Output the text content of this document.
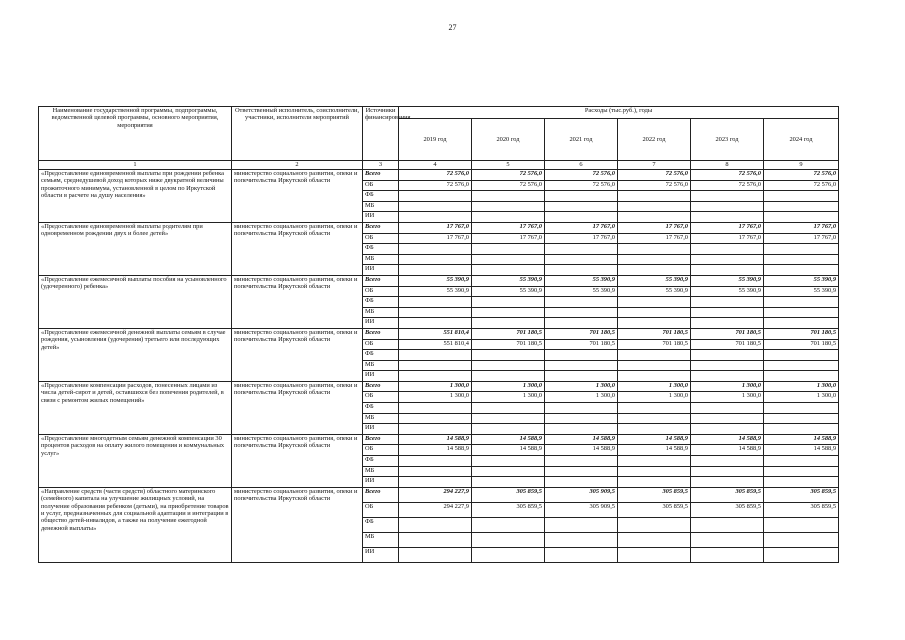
27
Наименование государственной программы, подпрограммы, ведомственной целевой программы, основного мероприятия, мероприятия	Ответственный исполнитель, соисполнители, участники, исполнители мероприятий	Источники финансирования	Расходы (тыс.руб.), годы					
			2019 год	2020 год	2021 год	2022 год	2023 год	2024 год
1	2	3	4	5	6	7	8	9
«Предоставление единовременной выплаты при рождении ребенка семьям, среднедушевой доход которых ниже двукратной величины прожиточного минимума, установленной в целом по Иркутской области в расчете на душу населения»	министерство социального развития, опеки и попечительства Иркутской области	Всего	72 576,0	72 576,0	72 576,0	72 576,0	72 576,0	72 576,0
		ОБ	72 576,0	72 576,0	72 576,0	72 576,0	72 576,0	72 576,0
		ФБ						
		МБ						
		ИИ						
«Предоставление единовременной выплаты родителям при одновременном рождении двух и более детей»	министерство социального развития, опеки и попечительства Иркутской области	Всего	17 767,0	17 767,0	17 767,0	17 767,0	17 767,0	17 767,0
		ОБ	17 767,0	17 767,0	17 767,0	17 767,0	17 767,0	17 767,0
		ФБ						
		МБ						
		ИИ						
«Предоставление ежемесячной выплаты пособия на усыновленного (удочеренного) ребенка»	министерство социального развития, опеки и попечительства Иркутской области	Всего	55 390,9	55 390,9	55 390,9	55 390,9	55 390,9	55 390,9
		ОБ	55 390,9	55 390,9	55 390,9	55 390,9	55 390,9	55 390,9
		ФБ						
		МБ						
		ИИ						
«Предоставление ежемесячной денежной выплаты семьям в случае рождения, усыновления (удочерения) третьего или последующих детей»	министерство социального развития, опеки и попечительства Иркутской области	Всего	551 810,4	701 180,5	701 180,5	701 180,5	701 180,5	701 180,5
		ОБ	551 810,4	701 180,5	701 180,5	701 180,5	701 180,5	701 180,5
		ФБ						
		МБ						
		ИИ						
«Предоставление компенсации расходов, понесенных лицами из числа детей-сирот и детей, оставшихся без попечения родителей, в связи с ремонтом жилых помещений»	министерство социального развития, опеки и попечительства Иркутской области	Всего	1 300,0	1 300,0	1 300,0	1 300,0	1 300,0	1 300,0
		ОБ	1 300,0	1 300,0	1 300,0	1 300,0	1 300,0	1 300,0
		ФБ						
		МБ						
		ИИ						
«Предоставление многодетным семьям денежной компенсации 30 процентов расходов на оплату жилого помещения и коммунальных услуг»	министерство социального развития, опеки и попечительства Иркутской области	Всего	14 588,9	14 588,9	14 588,9	14 588,9	14 588,9	14 588,9
		ОБ	14 588,9	14 588,9	14 588,9	14 588,9	14 588,9	14 588,9
		ФБ						
		МБ						
		ИИ						
«Направление средств (части средств) областного материнского (семейного) капитала на улучшение жилищных условий, на получение образования ребенком (детьми), на приобретение товаров и услуг, предназначенных для социальной адаптации и интеграции в общество детей-инвалидов, а также на получение ежегодной денежной выплаты»	министерство социального развития, опеки и попечительства Иркутской области	Всего	294 227,9	305 859,5	305 909,5	305 859,5	305 859,5	305 859,5
		ОБ	294 227,9	305 859,5	305 909,5	305 859,5	305 859,5	305 859,5
		ФБ						
		МБ						
		ИИ						
